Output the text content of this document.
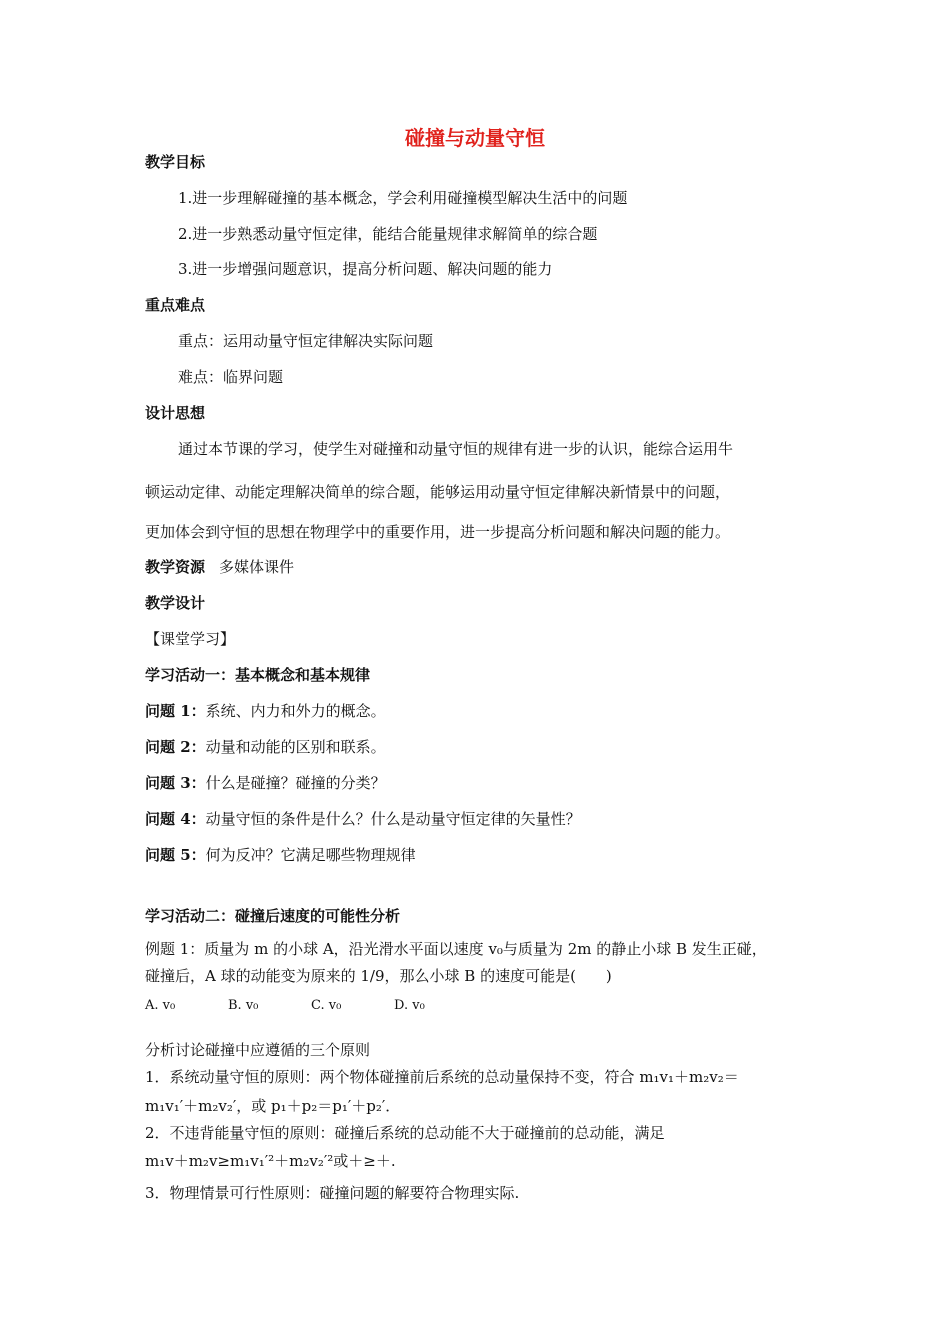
碰撞与动量守恒
教学目标
1.进一步理解碰撞的基本概念，学会利用碰撞模型解决生活中的问题
2.进一步熟悉动量守恒定律，能结合能量规律求解简单的综合题
3.进一步增强问题意识，提高分析问题、解决问题的能力
重点难点
重点：运用动量守恒定律解决实际问题
难点：临界问题
设计思想
通过本节课的学习，使学生对碰撞和动量守恒的规律有进一步的认识，能综合运用牛
顿运动定律、动能定理解决简单的综合题，能够运用动量守恒定律解决新情景中的问题，
更加体会到守恒的思想在物理学中的重要作用，进一步提高分析问题和解决问题的能力。
教学资源 多媒体课件
教学设计
【课堂学习】
学习活动一：基本概念和基本规律
问题 1：系统、内力和外力的概念。
问题 2：动量和动能的区别和联系。
问题 3：什么是碰撞？碰撞的分类？
问题 4：动量守恒的条件是什么？什么是动量守恒定律的矢量性？
问题 5：何为反冲？它满足哪些物理规律
学习活动二：碰撞后速度的可能性分析
例题 1：质量为 m 的小球 A，沿光滑水平面以速度 v₀与质量为 2m 的静止小球 B 发生正碰，
碰撞后，A 球的动能变为原来的 1/9，那么小球 B 的速度可能是(　　)
A. v₀	B. v₀	C. v₀	D. v₀
分析讨论碰撞中应遵循的三个原则
1．系统动量守恒的原则：两个物体碰撞前后系统的总动量保持不变，符合 m₁v₁＋m₂v₂＝
m₁v₁′＋m₂v₂′，或 p₁＋p₂＝p₁′＋p₂′．
2．不违背能量守恒的原则：碰撞后系统的总动能不大于碰撞前的总动能，满足
m₁v＋m₂v≥m₁v₁′²＋m₂v₂′²或＋≥＋.
3．物理情景可行性原则：碰撞问题的解要符合物理实际.
